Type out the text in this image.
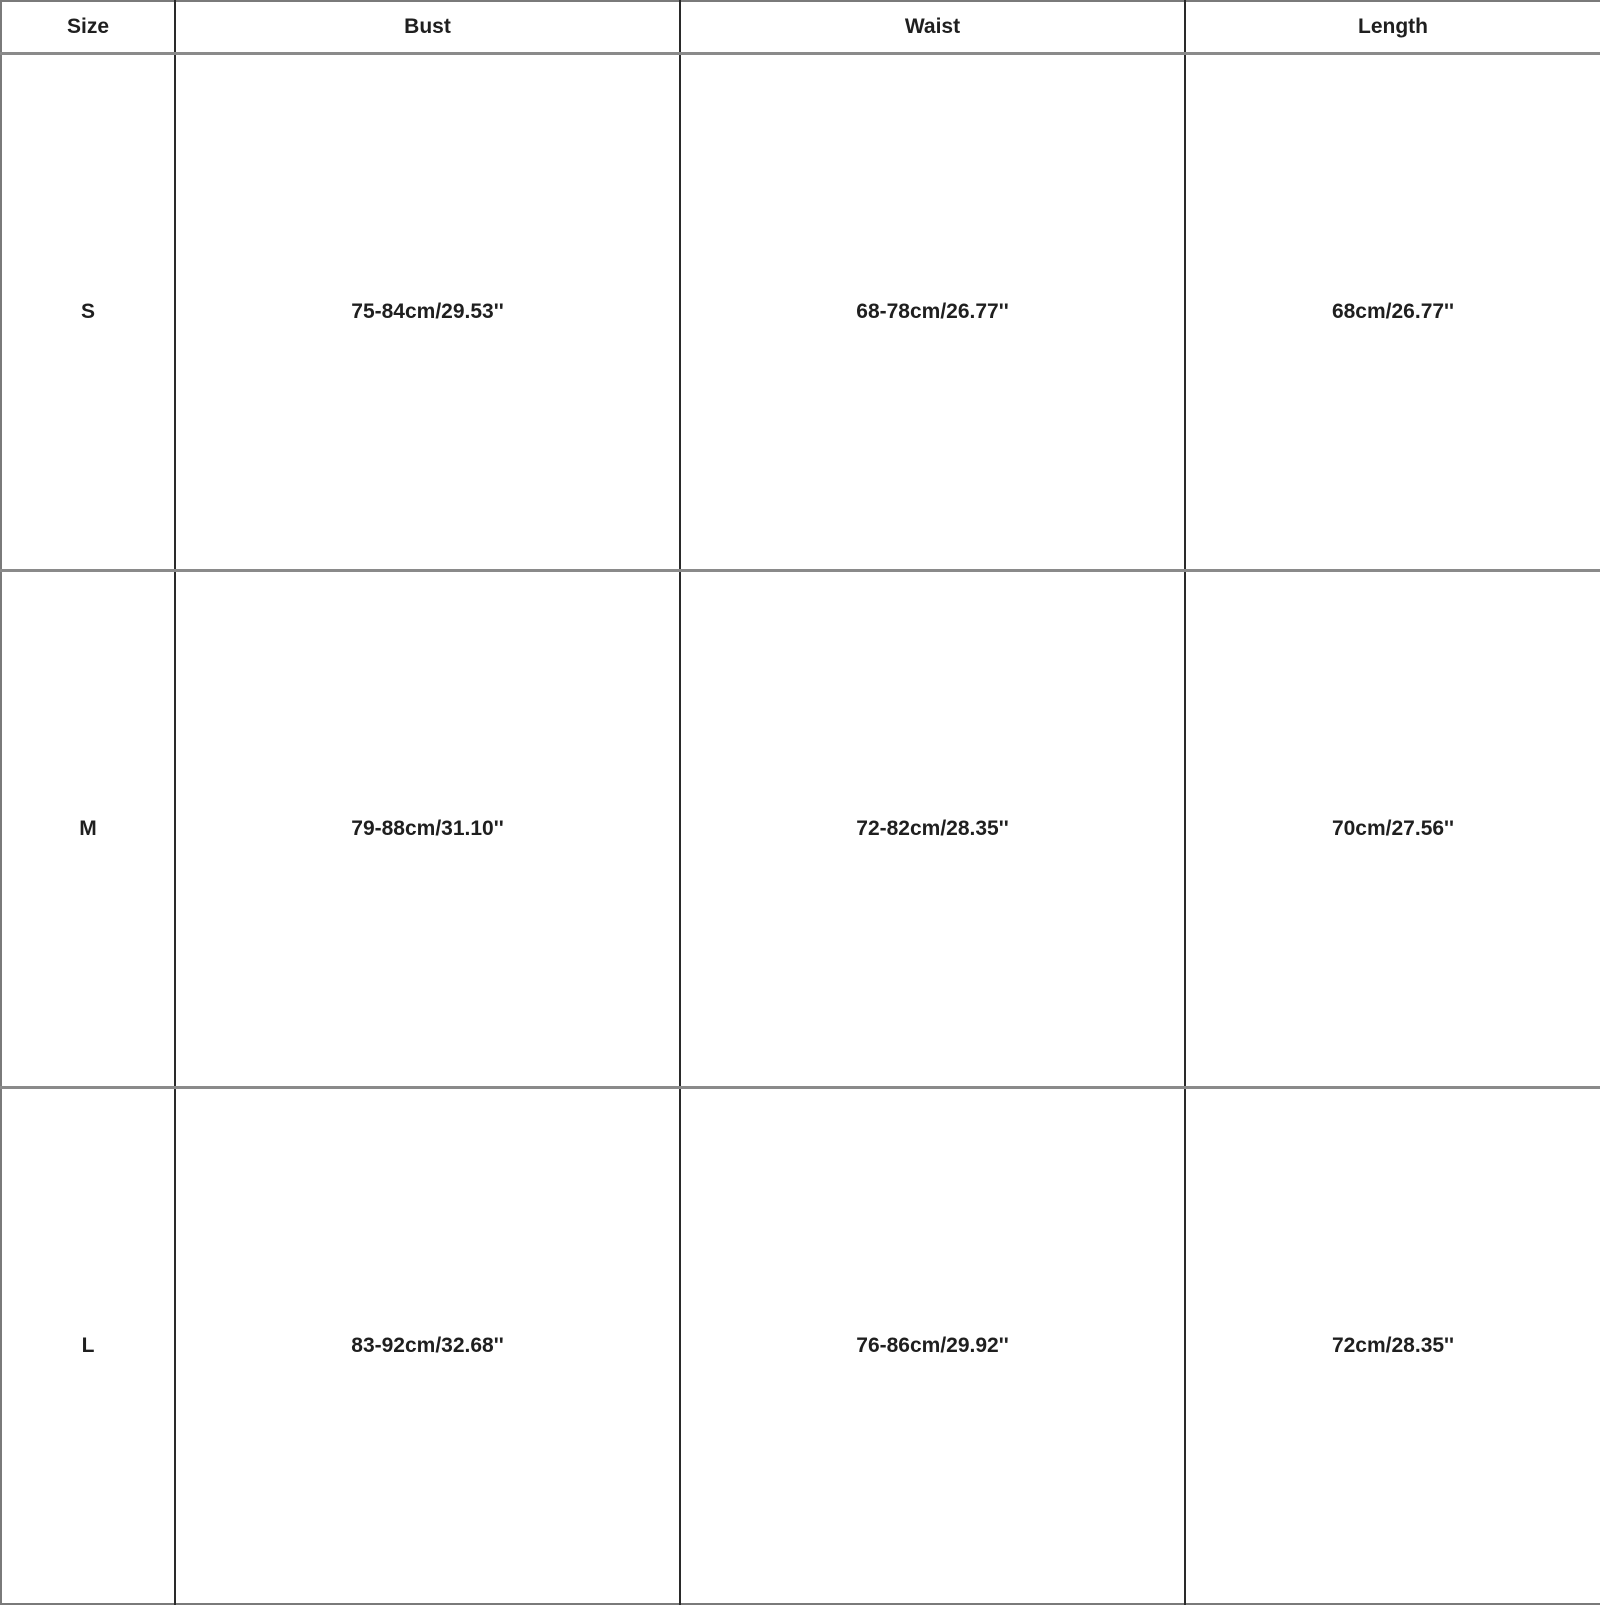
Size	Bust	Waist	Length
S	75-84cm/29.53''	68-78cm/26.77''	68cm/26.77''
M	79-88cm/31.10''	72-82cm/28.35''	70cm/27.56''
L	83-92cm/32.68''	76-86cm/29.92''	72cm/28.35''
